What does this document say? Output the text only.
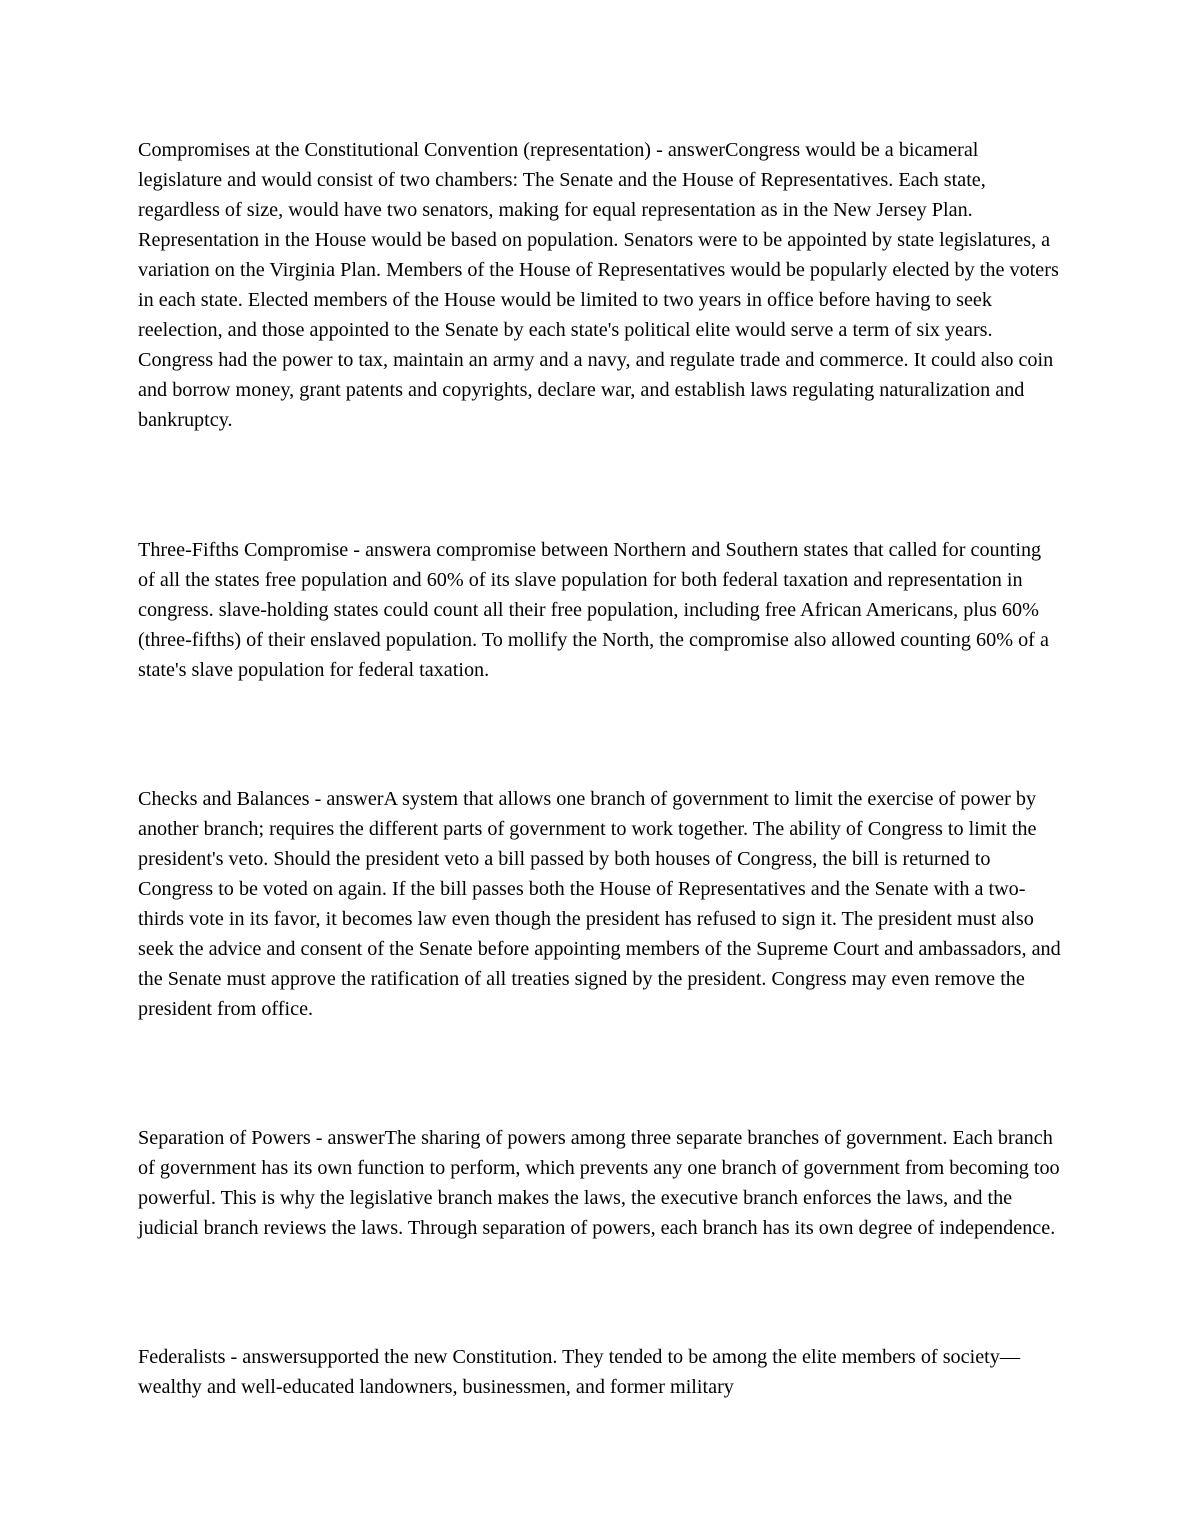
Compromises at the Constitutional Convention (representation) - answerCongress would be a bicameral legislature and would consist of two chambers: The Senate and the House of Representatives. Each state, regardless of size, would have two senators, making for equal representation as in the New Jersey Plan. Representation in the House would be based on population. Senators were to be appointed by state legislatures, a variation on the Virginia Plan. Members of the House of Representatives would be popularly elected by the voters in each state. Elected members of the House would be limited to two years in office before having to seek reelection, and those appointed to the Senate by each state's political elite would serve a term of six years. Congress had the power to tax, maintain an army and a navy, and regulate trade and commerce. It could also coin and borrow money, grant patents and copyrights, declare war, and establish laws regulating naturalization and bankruptcy.

Three-Fifths Compromise - answera compromise between Northern and Southern states that called for counting of all the states free population and 60% of its slave population for both federal taxation and representation in congress. slave-holding states could count all their free population, including free African Americans, plus 60% (three-fifths) of their enslaved population. To mollify the North, the compromise also allowed counting 60% of a state's slave population for federal taxation.

Checks and Balances - answerA system that allows one branch of government to limit the exercise of power by another branch; requires the different parts of government to work together. The ability of Congress to limit the president's veto. Should the president veto a bill passed by both houses of Congress, the bill is returned to Congress to be voted on again. If the bill passes both the House of Representatives and the Senate with a two-thirds vote in its favor, it becomes law even though the president has refused to sign it. The president must also seek the advice and consent of the Senate before appointing members of the Supreme Court and ambassadors, and the Senate must approve the ratification of all treaties signed by the president. Congress may even remove the president from office.

Separation of Powers - answerThe sharing of powers among three separate branches of government. Each branch of government has its own function to perform, which prevents any one branch of government from becoming too powerful. This is why the legislative branch makes the laws, the executive branch enforces the laws, and the judicial branch reviews the laws. Through separation of powers, each branch has its own degree of independence.

Federalists - answersupported the new Constitution. They tended to be among the elite members of society—wealthy and well-educated landowners, businessmen, and former military
